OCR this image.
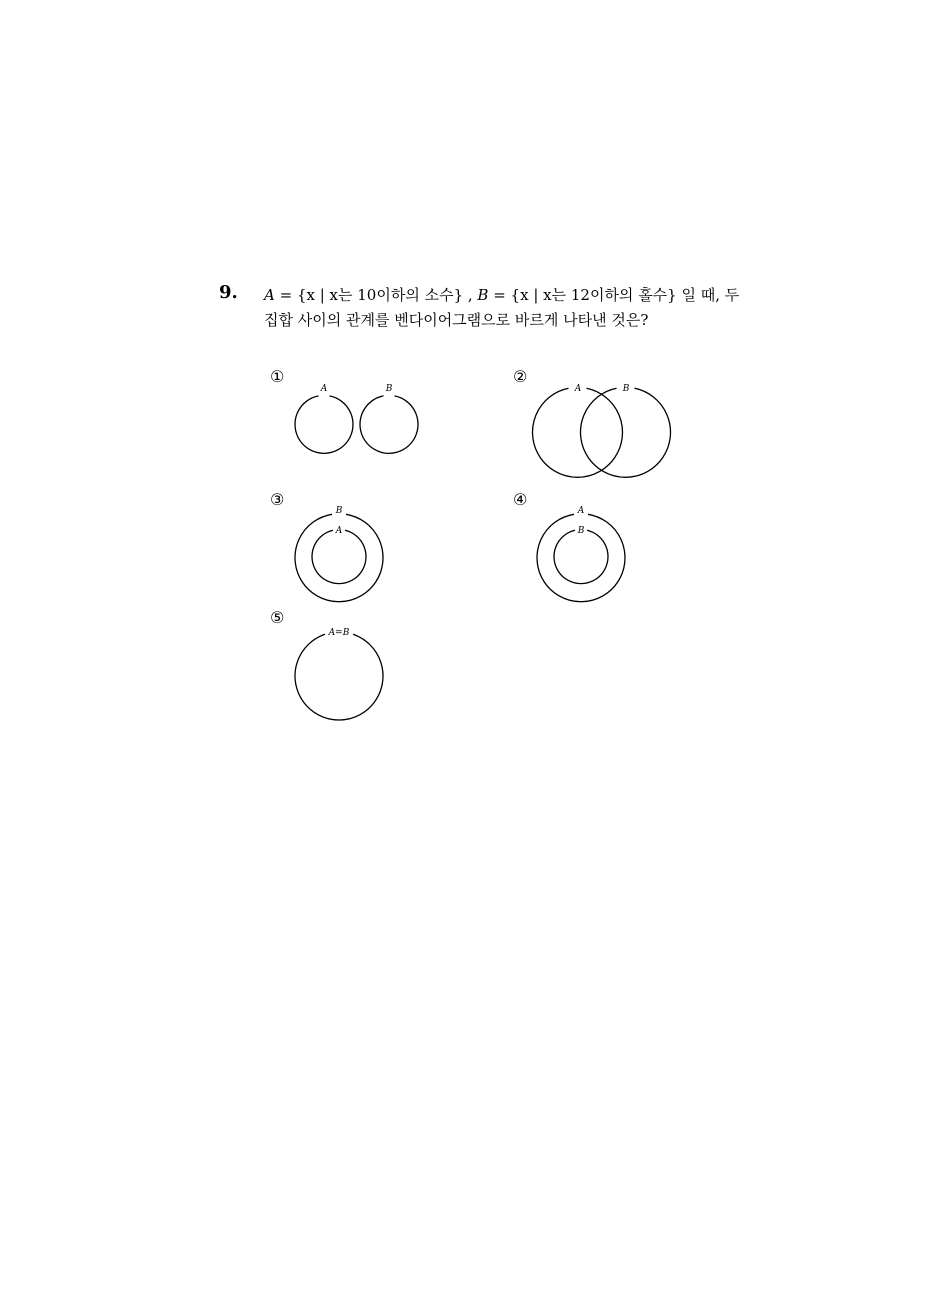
9. A = {x | x는 10이하의 소수} , B = {x | x는 12이하의 홀수} 일 때, 두
집합 사이의 관계를 벤다이어그램으로 바르게 나타낸 것은?
①
A	B
②
A	B
③
B
A
④
A
B
⑤
A=B
